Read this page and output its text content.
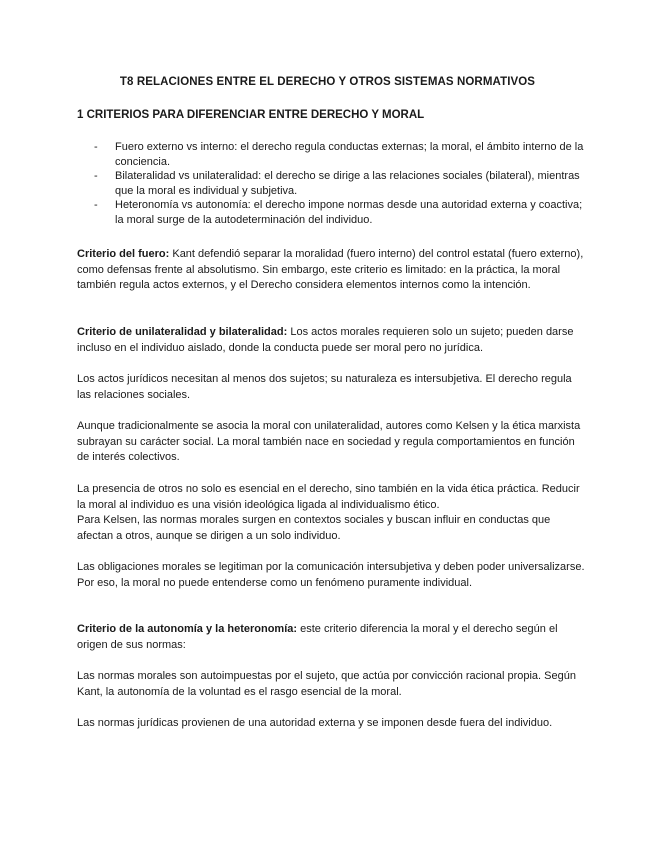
T8 RELACIONES ENTRE EL DERECHO Y OTROS SISTEMAS NORMATIVOS
1 CRITERIOS PARA DIFERENCIAR ENTRE DERECHO Y MORAL
- Fuero externo vs interno: el derecho regula conductas externas; la moral, el ámbito interno de la conciencia.
- Bilateralidad vs unilateralidad: el derecho se dirige a las relaciones sociales (bilateral), mientras que la moral es individual y subjetiva.
- Heteronomía vs autonomía: el derecho impone normas desde una autoridad externa y coactiva; la moral surge de la autodeterminación del individuo.

Criterio del fuero: Kant defendió separar la moralidad (fuero interno) del control estatal (fuero externo), como defensas frente al absolutismo. Sin embargo, este criterio es limitado: en la práctica, la moral también regula actos externos, y el Derecho considera elementos internos como la intención.

Criterio de unilateralidad y bilateralidad: Los actos morales requieren solo un sujeto; pueden darse incluso en el individuo aislado, donde la conducta puede ser moral pero no jurídica.

Los actos jurídicos necesitan al menos dos sujetos; su naturaleza es intersubjetiva. El derecho regula las relaciones sociales.

Aunque tradicionalmente se asocia la moral con unilateralidad, autores como Kelsen y la ética marxista subrayan su carácter social. La moral también nace en sociedad y regula comportamientos en función de interés colectivos.

La presencia de otros no solo es esencial en el derecho, sino también en la vida ética práctica. Reducir la moral al individuo es una visión ideológica ligada al individualismo ético.

Para Kelsen, las normas morales surgen en contextos sociales y buscan influir en conductas que afectan a otros, aunque se dirigen a un solo individuo.

Las obligaciones morales se legitiman por la comunicación intersubjetiva y deben poder universalizarse. Por eso, la moral no puede entenderse como un fenómeno puramente individual.

Criterio de la autonomía y la heteronomía: este criterio diferencia la moral y el derecho según el origen de sus normas:

Las normas morales son autoimpuestas por el sujeto, que actúa por convicción racional propia. Según Kant, la autonomía de la voluntad es el rasgo esencial de la moral.

Las normas jurídicas provienen de una autoridad externa y se imponen desde fuera del individuo.
